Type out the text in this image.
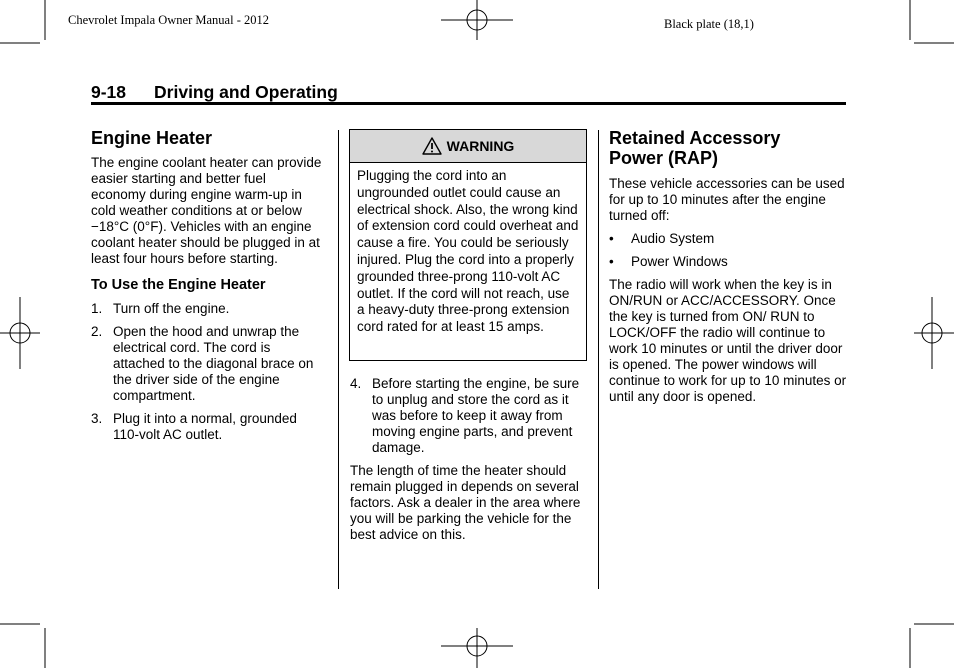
Chevrolet Impala Owner Manual - 2012	Black plate (18,1)
9-18 Driving and Operating
Engine Heater

The engine coolant heater can provide easier starting and better fuel economy during engine warm-up in cold weather conditions at or below −18°C (0°F). Vehicles with an engine coolant heater should be plugged in at least four hours before starting.

To Use the Engine Heater
1. Turn off the engine.
2. Open the hood and unwrap the electrical cord. The cord is attached to the diagonal brace on the driver side of the engine compartment.
3. Plug it into a normal, grounded 110-volt AC outlet.
WARNING
Plugging the cord into an ungrounded outlet could cause an electrical shock. Also, the wrong kind of extension cord could overheat and cause a fire. You could be seriously injured. Plug the cord into a properly grounded three-prong 110-volt AC outlet. If the cord will not reach, use a heavy-duty three-prong extension cord rated for at least 15 amps.
4. Before starting the engine, be sure to unplug and store the cord as it was before to keep it away from moving engine parts, and prevent damage.

The length of time the heater should remain plugged in depends on several factors. Ask a dealer in the area where you will be parking the vehicle for the best advice on this.

Retained Accessory
Power (RAP)

These vehicle accessories can be used for up to 10 minutes after the engine turned off:

• Audio System
• Power Windows

The radio will work when the key is in ON/RUN or ACC/ACCESSORY. Once the key is turned from ON/ RUN to LOCK/OFF the radio will continue to work 10 minutes or until the driver door is opened. The power windows will continue to work for up to 10 minutes or until any door is opened.
